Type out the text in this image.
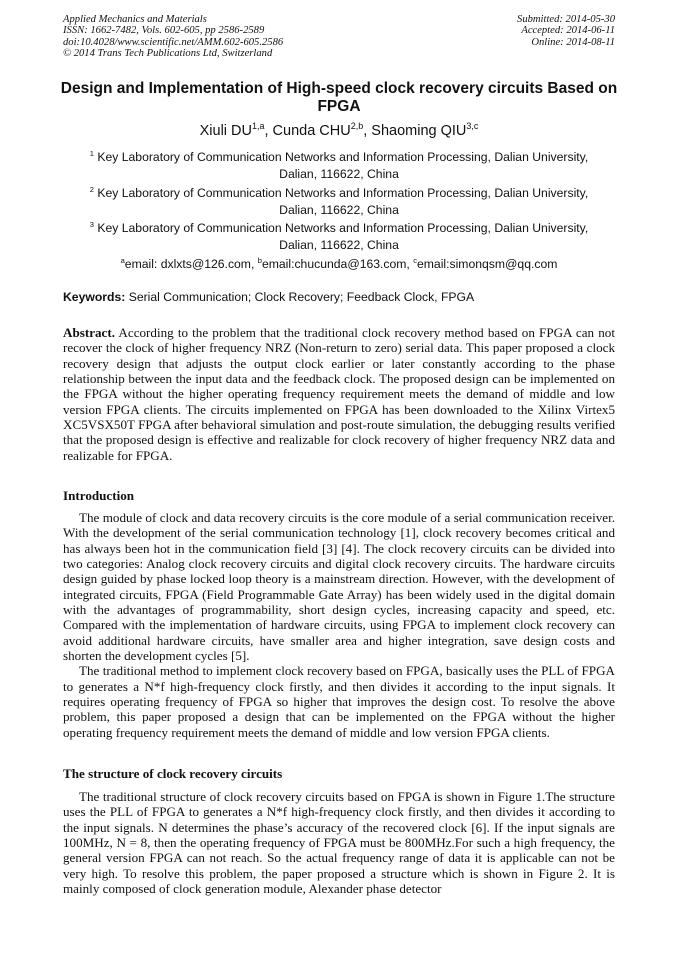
Applied Mechanics and Materials
ISSN: 1662-7482, Vols. 602-605, pp 2586-2589
doi:10.4028/www.scientific.net/AMM.602-605.2586
© 2014 Trans Tech Publications Ltd, Switzerland
Submitted: 2014-05-30
Accepted: 2014-06-11
Online: 2014-08-11
Design and Implementation of High-speed clock recovery circuits Based on FPGA
Xiuli DU$^{1,a}$, Cunda CHU$^{2,b}$, Shaoming QIU$^{3,c}$
$^1$ Key Laboratory of Communication Networks and Information Processing, Dalian University,
Dalian, 116622, China
$^2$ Key Laboratory of Communication Networks and Information Processing, Dalian University,
Dalian, 116622, China
$^3$ Key Laboratory of Communication Networks and Information Processing, Dalian University,
Dalian, 116622, China
$^a$email: dxlxts@126.com, $^b$email:chucunda@163.com, $^c$email:simonqsm@qq.com
Keywords: Serial Communication; Clock Recovery; Feedback Clock, FPGA

Abstract. According to the problem that the traditional clock recovery method based on FPGA can not recover the clock of higher frequency NRZ (Non-return to zero) serial data. This paper proposed a clock recovery design that adjusts the output clock earlier or later constantly according to the phase relationship between the input data and the feedback clock. The proposed design can be implemented on the FPGA without the higher operating frequency requirement meets the demand of middle and low version FPGA clients. The circuits implemented on FPGA has been downloaded to the Xilinx Virtex5 XC5VSX50T FPGA after behavioral simulation and post-route simulation, the debugging results verified that the proposed design is effective and realizable for clock recovery of higher frequency NRZ data and realizable for FPGA.

Introduction

The module of clock and data recovery circuits is the core module of a serial communication receiver. With the development of the serial communication technology [1], clock recovery becomes critical and has always been hot in the communication field [3] [4]. The clock recovery circuits can be divided into two categories: Analog clock recovery circuits and digital clock recovery circuits. The hardware circuits design guided by phase locked loop theory is a mainstream direction. However, with the development of integrated circuits, FPGA (Field Programmable Gate Array) has been widely used in the digital domain with the advantages of programmability, short design cycles, increasing capacity and speed, etc. Compared with the implementation of hardware circuits, using FPGA to implement clock recovery can avoid additional hardware circuits, have smaller area and higher integration, save design costs and shorten the development cycles [5].

The traditional method to implement clock recovery based on FPGA, basically uses the PLL of FPGA to generates a N*f high-frequency clock firstly, and then divides it according to the input signals. It requires operating frequency of FPGA so higher that improves the design cost. To resolve the above problem, this paper proposed a design that can be implemented on the FPGA without the higher operating frequency requirement meets the demand of middle and low version FPGA clients.

The structure of clock recovery circuits

The traditional structure of clock recovery circuits based on FPGA is shown in Figure 1.The structure uses the PLL of FPGA to generates a N*f high-frequency clock firstly, and then divides it according to the input signals. N determines the phase’s accuracy of the recovered clock [6]. If the input signals are 100MHz, N = 8, then the operating frequency of FPGA must be 800MHz.For such a high frequency, the general version FPGA can not reach. So the actual frequency range of data it is applicable can not be very high. To resolve this problem, the paper proposed a structure which is shown in Figure 2. It is mainly composed of clock generation module, Alexander phase detector
